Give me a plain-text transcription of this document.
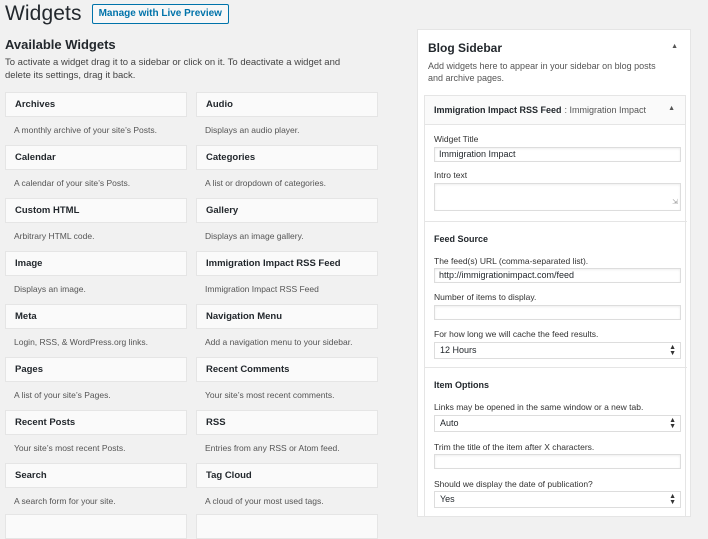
Widgets	Manage with Live Preview
Available Widgets
To activate a widget drag it to a sidebar or click on it. To deactivate a widget and delete its settings, drag it back.
Archives
A monthly archive of your site’s Posts.
Audio
Displays an audio player.
Calendar
A calendar of your site’s Posts.
Categories
A list or dropdown of categories.
Custom HTML
Arbitrary HTML code.
Gallery
Displays an image gallery.
Image
Displays an image.
Immigration Impact RSS Feed
Immigration Impact RSS Feed
Meta
Login, RSS, & WordPress.org links.
Navigation Menu
Add a navigation menu to your sidebar.
Pages
A list of your site’s Pages.
Recent Comments
Your site’s most recent comments.
Recent Posts
Your site’s most recent Posts.
RSS
Entries from any RSS or Atom feed.
Search
A search form for your site.
Tag Cloud
A cloud of your most used tags.
Blog Sidebar	▲
Add widgets here to appear in your sidebar on blog posts and archive pages.
Immigration Impact RSS Feed : Immigration Impact	▲
Widget Title
Immigration Impact
Intro text
⇲
Feed Source
The feed(s) URL (comma-separated list).
http://immigrationimpact.com/feed
Number of items to display.
For how long we will cache the feed results.
12 Hours	▲
▼
Item Options
Links may be opened in the same window or a new tab.
Auto	▲
▼
Trim the title of the item after X characters.
Should we display the date of publication?
Yes	▲
▼
